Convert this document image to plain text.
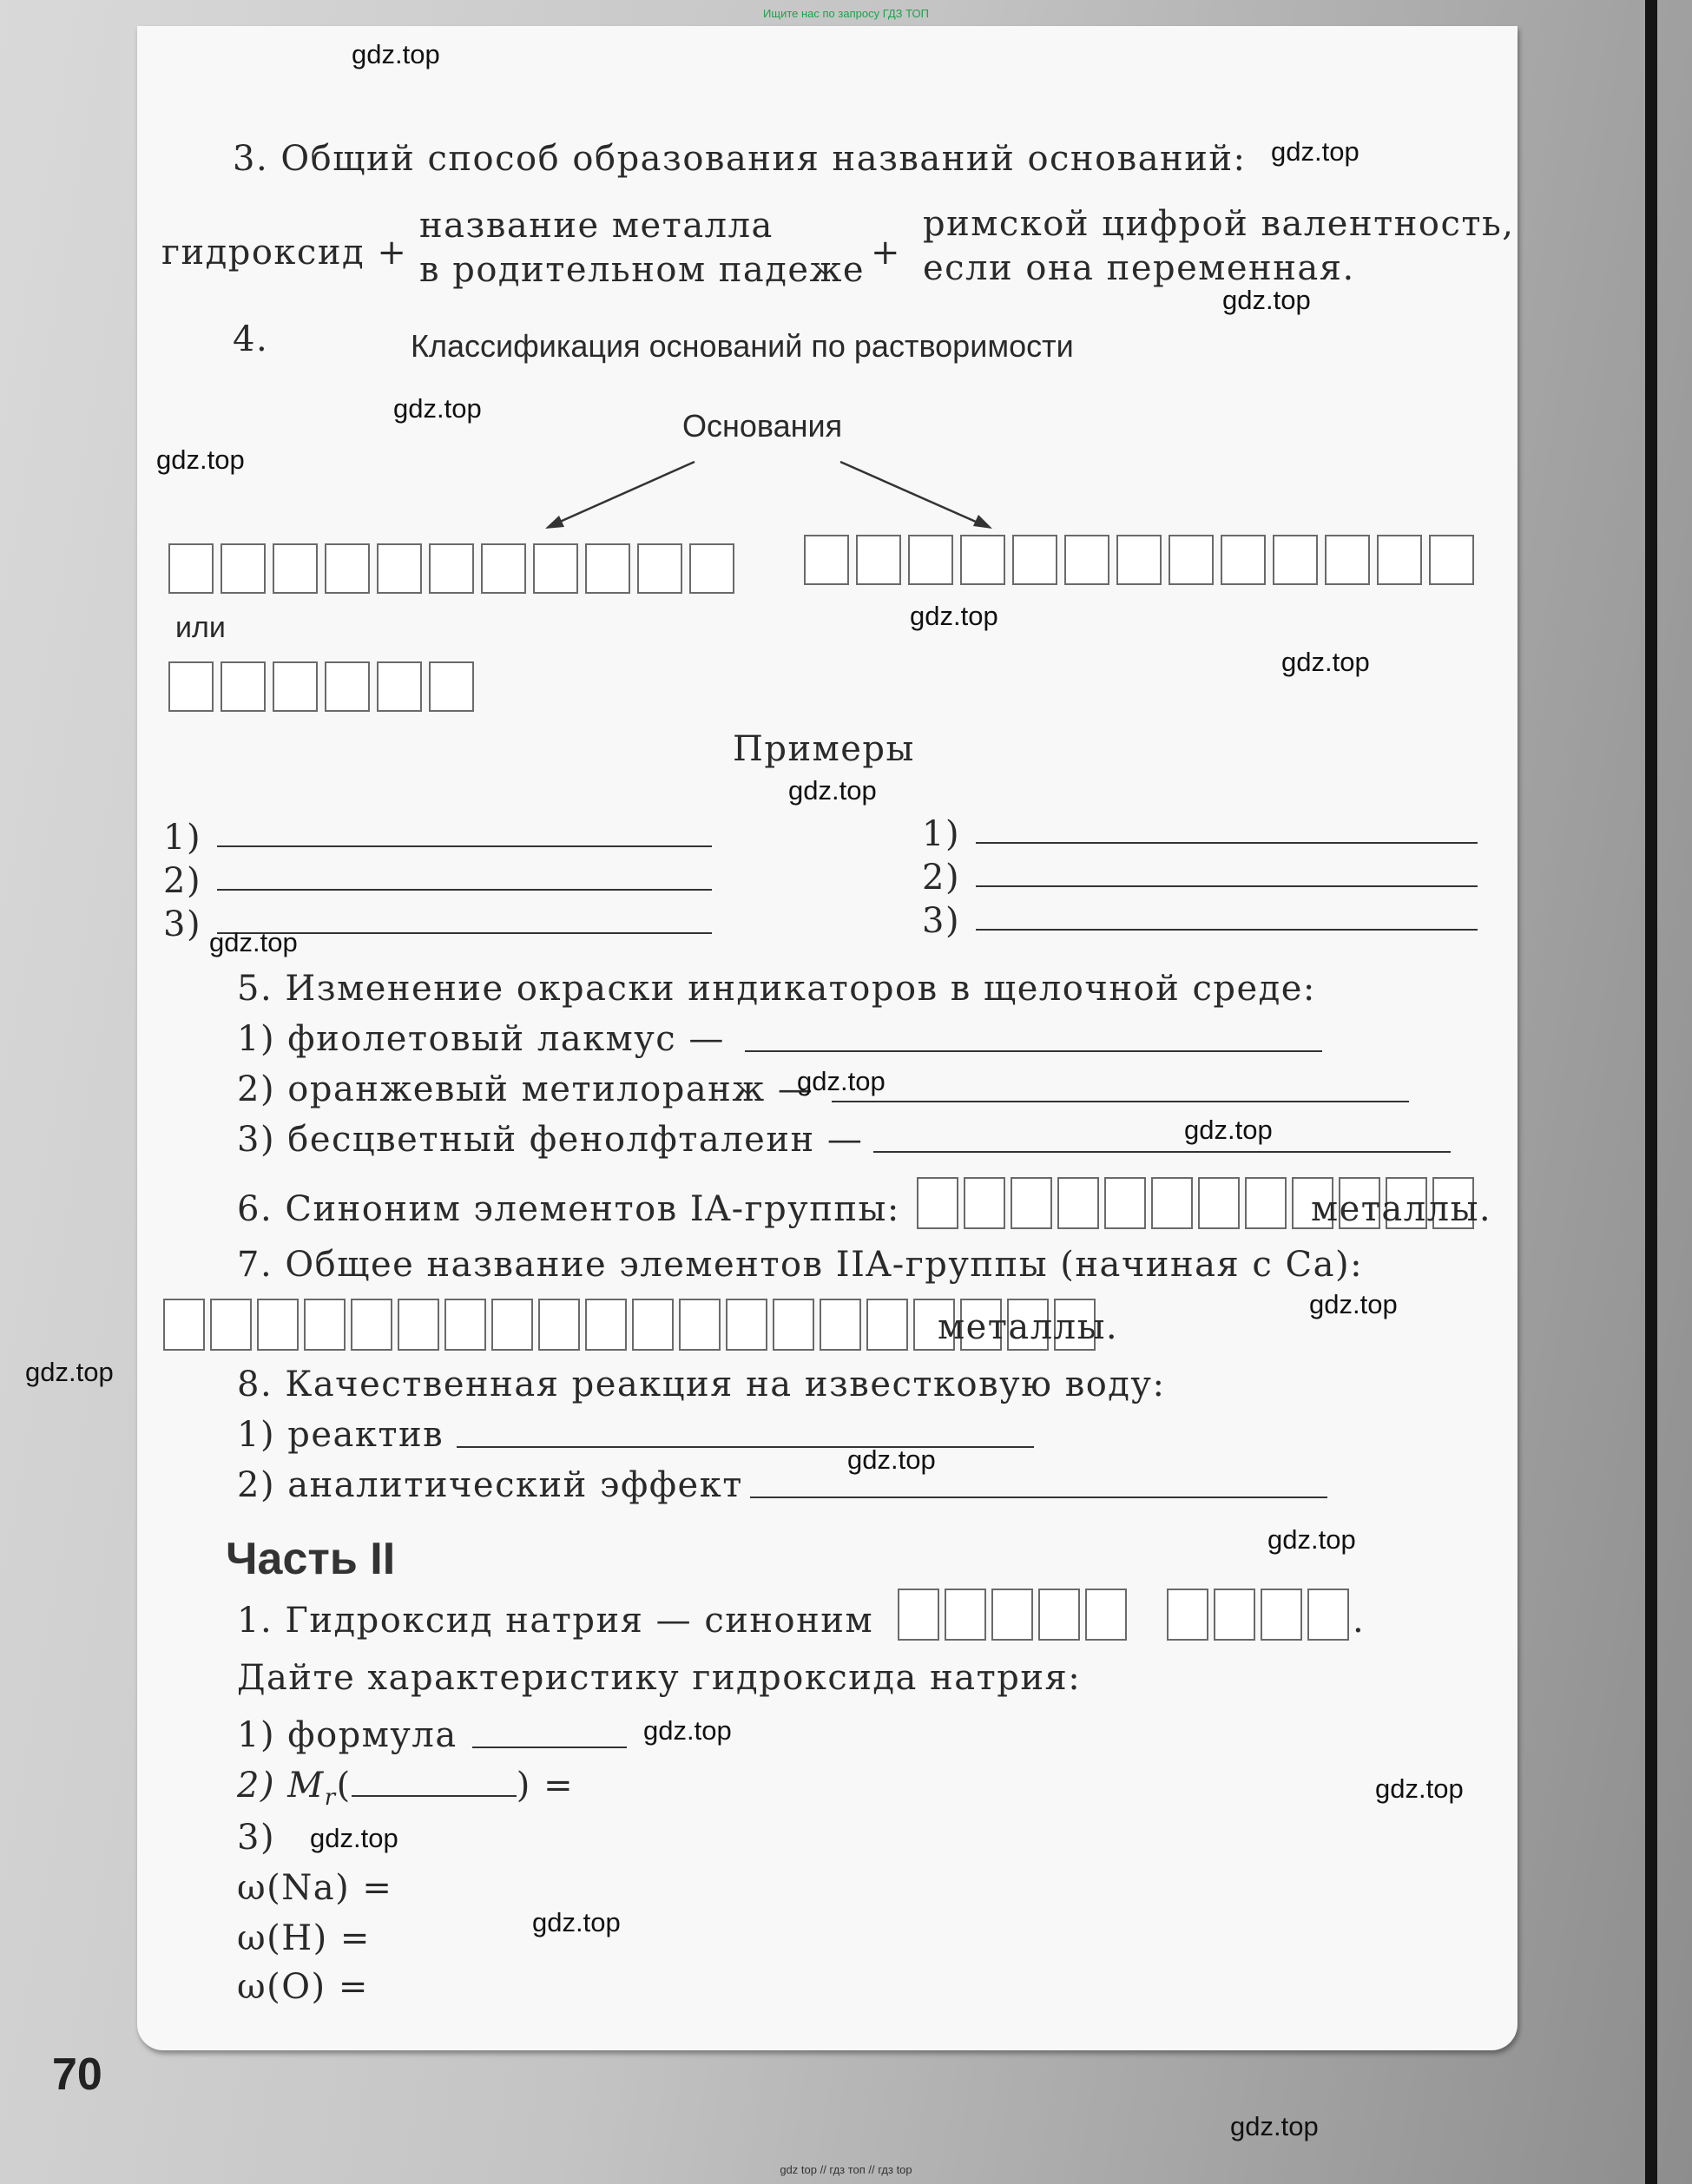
Ищите нас по запросу ГДЗ ТОП
3. Общий способ образования названий оснований:
гидроксид +
название металла
в родительном падеже +
римской цифрой валентность,
если она переменная.
4.	Классификация оснований по растворимости
Основания
или
Примеры
1)
2)
3)
1)
2)
3)
5. Изменение окраски индикаторов в щелочной среде:
1) фиолетовый лакмус —
2) оранжевый метилоранж —
3) бесцветный фенолфталеин —
6. Синоним элементов IA-группы:	металлы.
7. Общее название элементов IIA-группы (начиная с Са):
металлы.
8. Качественная реакция на известковую воду:
1) реактив
2) аналитический эффект
Часть II
1. Гидроксид натрия — синоним	.
Дайте характеристику гидроксида натрия:
1) формула
2) $M_r$(	) =
3)
ω(Na) =
ω(H) =
ω(O) =
gdz.top
gdz.top
gdz.top
gdz.top
gdz.top
gdz.top
gdz.top
gdz.top
gdz.top
gdz.top
gdz.top
gdz.top
gdz.top
gdz.top
gdz.top
gdz.top
gdz.top
gdz.top
gdz.top
gdz.top
70
gdz top // гдз топ // гдз top
